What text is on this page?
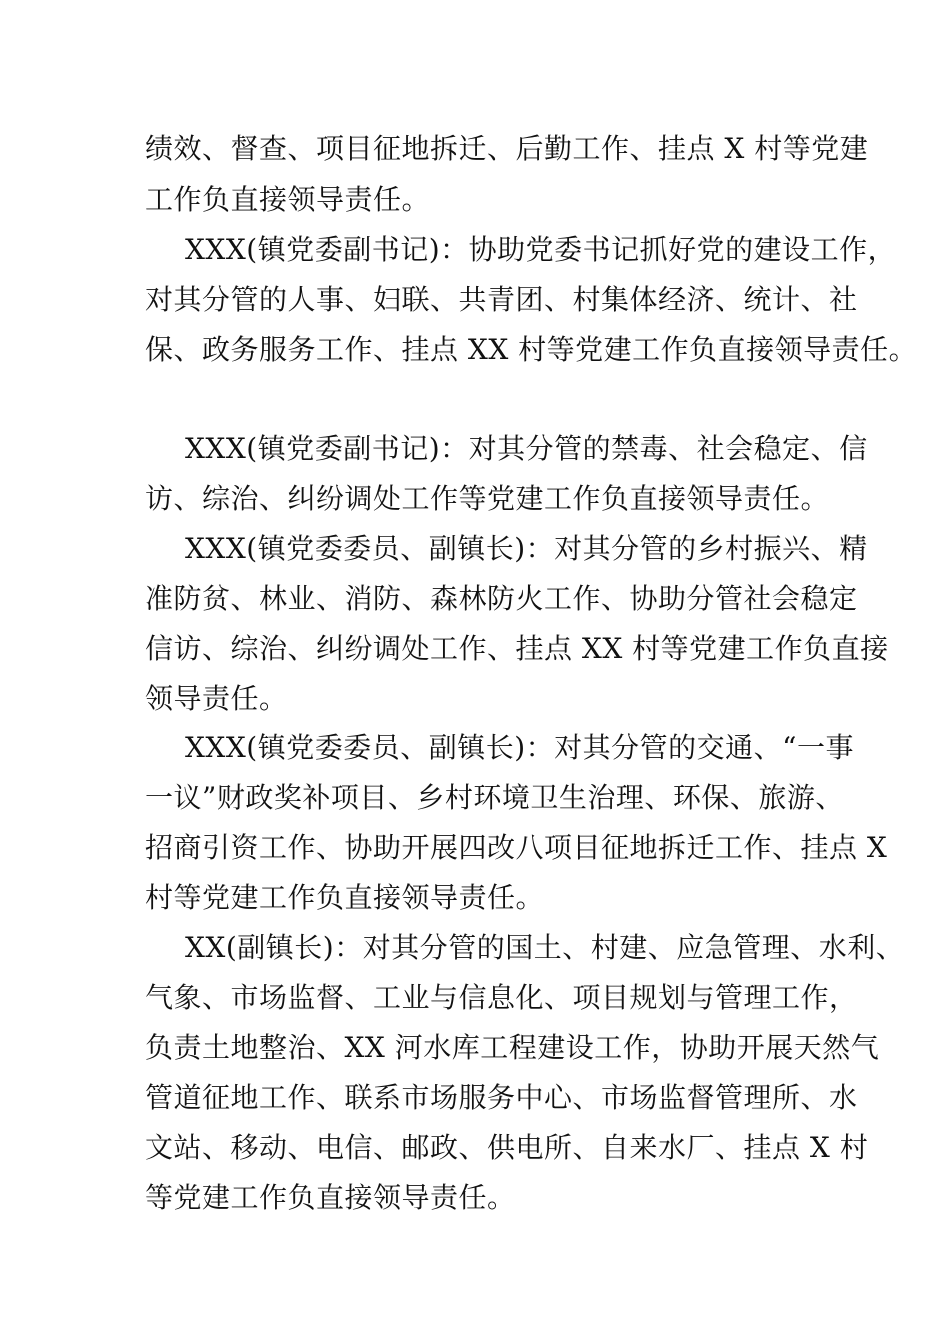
绩效、督查、项目征地拆迁、后勤工作、挂点 X 村等党建
工作负直接领导责任。
XXX(镇党委副书记)：协助党委书记抓好党的建设工作，
对其分管的人事、妇联、共青团、村集体经济、统计、社
保、政务服务工作、挂点 XX 村等党建工作负直接领导责任。
XXX(镇党委副书记)：对其分管的禁毒、社会稳定、信
访、综治、纠纷调处工作等党建工作负直接领导责任。
XXX(镇党委委员、副镇长)：对其分管的乡村振兴、精
准防贫、林业、消防、森林防火工作、协助分管社会稳定
信访、综治、纠纷调处工作、挂点 XX 村等党建工作负直接
领导责任。
XXX(镇党委委员、副镇长)：对其分管的交通、“一事
一议”财政奖补项目、乡村环境卫生治理、环保、旅游、
招商引资工作、协助开展四改八项目征地拆迁工作、挂点 X
村等党建工作负直接领导责任。
XX(副镇长)：对其分管的国土、村建、应急管理、水利、
气象、市场监督、工业与信息化、项目规划与管理工作，
负责土地整治、XX 河水库工程建设工作，协助开展天然气
管道征地工作、联系市场服务中心、市场监督管理所、水
文站、移动、电信、邮政、供电所、自来水厂、挂点 X 村
等党建工作负直接领导责任。
